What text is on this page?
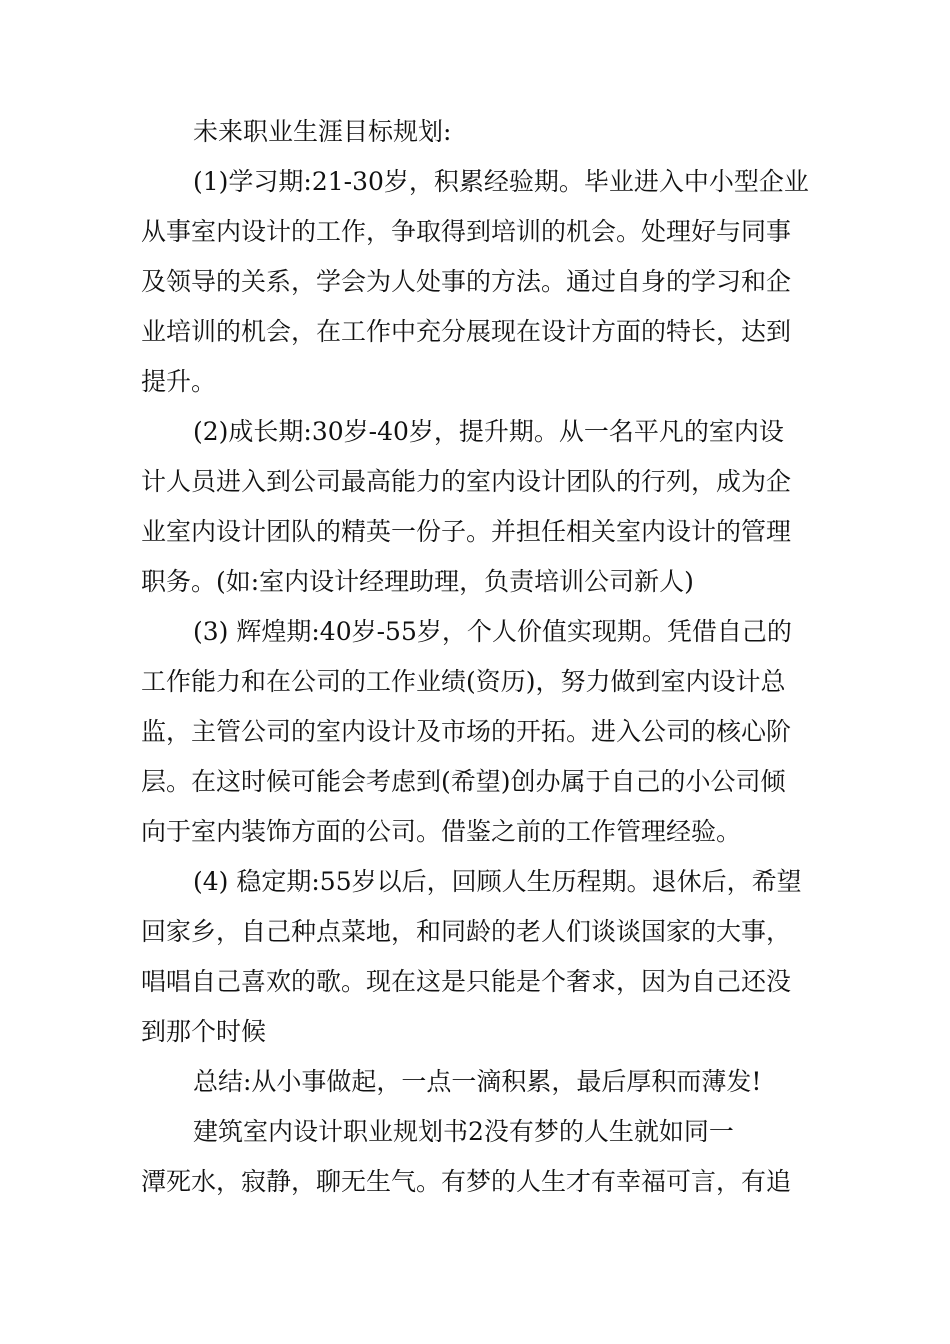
未来职业生涯目标规划:
(1)学习期:21-30岁，积累经验期。毕业进入中小型企业
从事室内设计的工作，争取得到培训的机会。处理好与同事
及领导的关系，学会为人处事的方法。通过自身的学习和企
业培训的机会，在工作中充分展现在设计方面的特长，达到
提升。
(2)成长期:30岁-40岁，提升期。从一名平凡的室内设
计人员进入到公司最高能力的室内设计团队的行列，成为企
业室内设计团队的精英一份子。并担任相关室内设计的管理
职务。(如:室内设计经理助理，负责培训公司新人)
(3) 辉煌期:40岁-55岁，个人价值实现期。凭借自己的
工作能力和在公司的工作业绩(资历)，努力做到室内设计总
监，主管公司的室内设计及市场的开拓。进入公司的核心阶
层。在这时候可能会考虑到(希望)创办属于自己的小公司倾
向于室内装饰方面的公司。借鉴之前的工作管理经验。
(4) 稳定期:55岁以后，回顾人生历程期。退休后，希望
回家乡，自己种点菜地，和同龄的老人们谈谈国家的大事，
唱唱自己喜欢的歌。现在这是只能是个奢求，因为自己还没
到那个时候
总结:从小事做起，一点一滴积累，最后厚积而薄发!
建筑室内设计职业规划书2没有梦的人生就如同一
潭死水，寂静，聊无生气。有梦的人生才有幸福可言，有追
